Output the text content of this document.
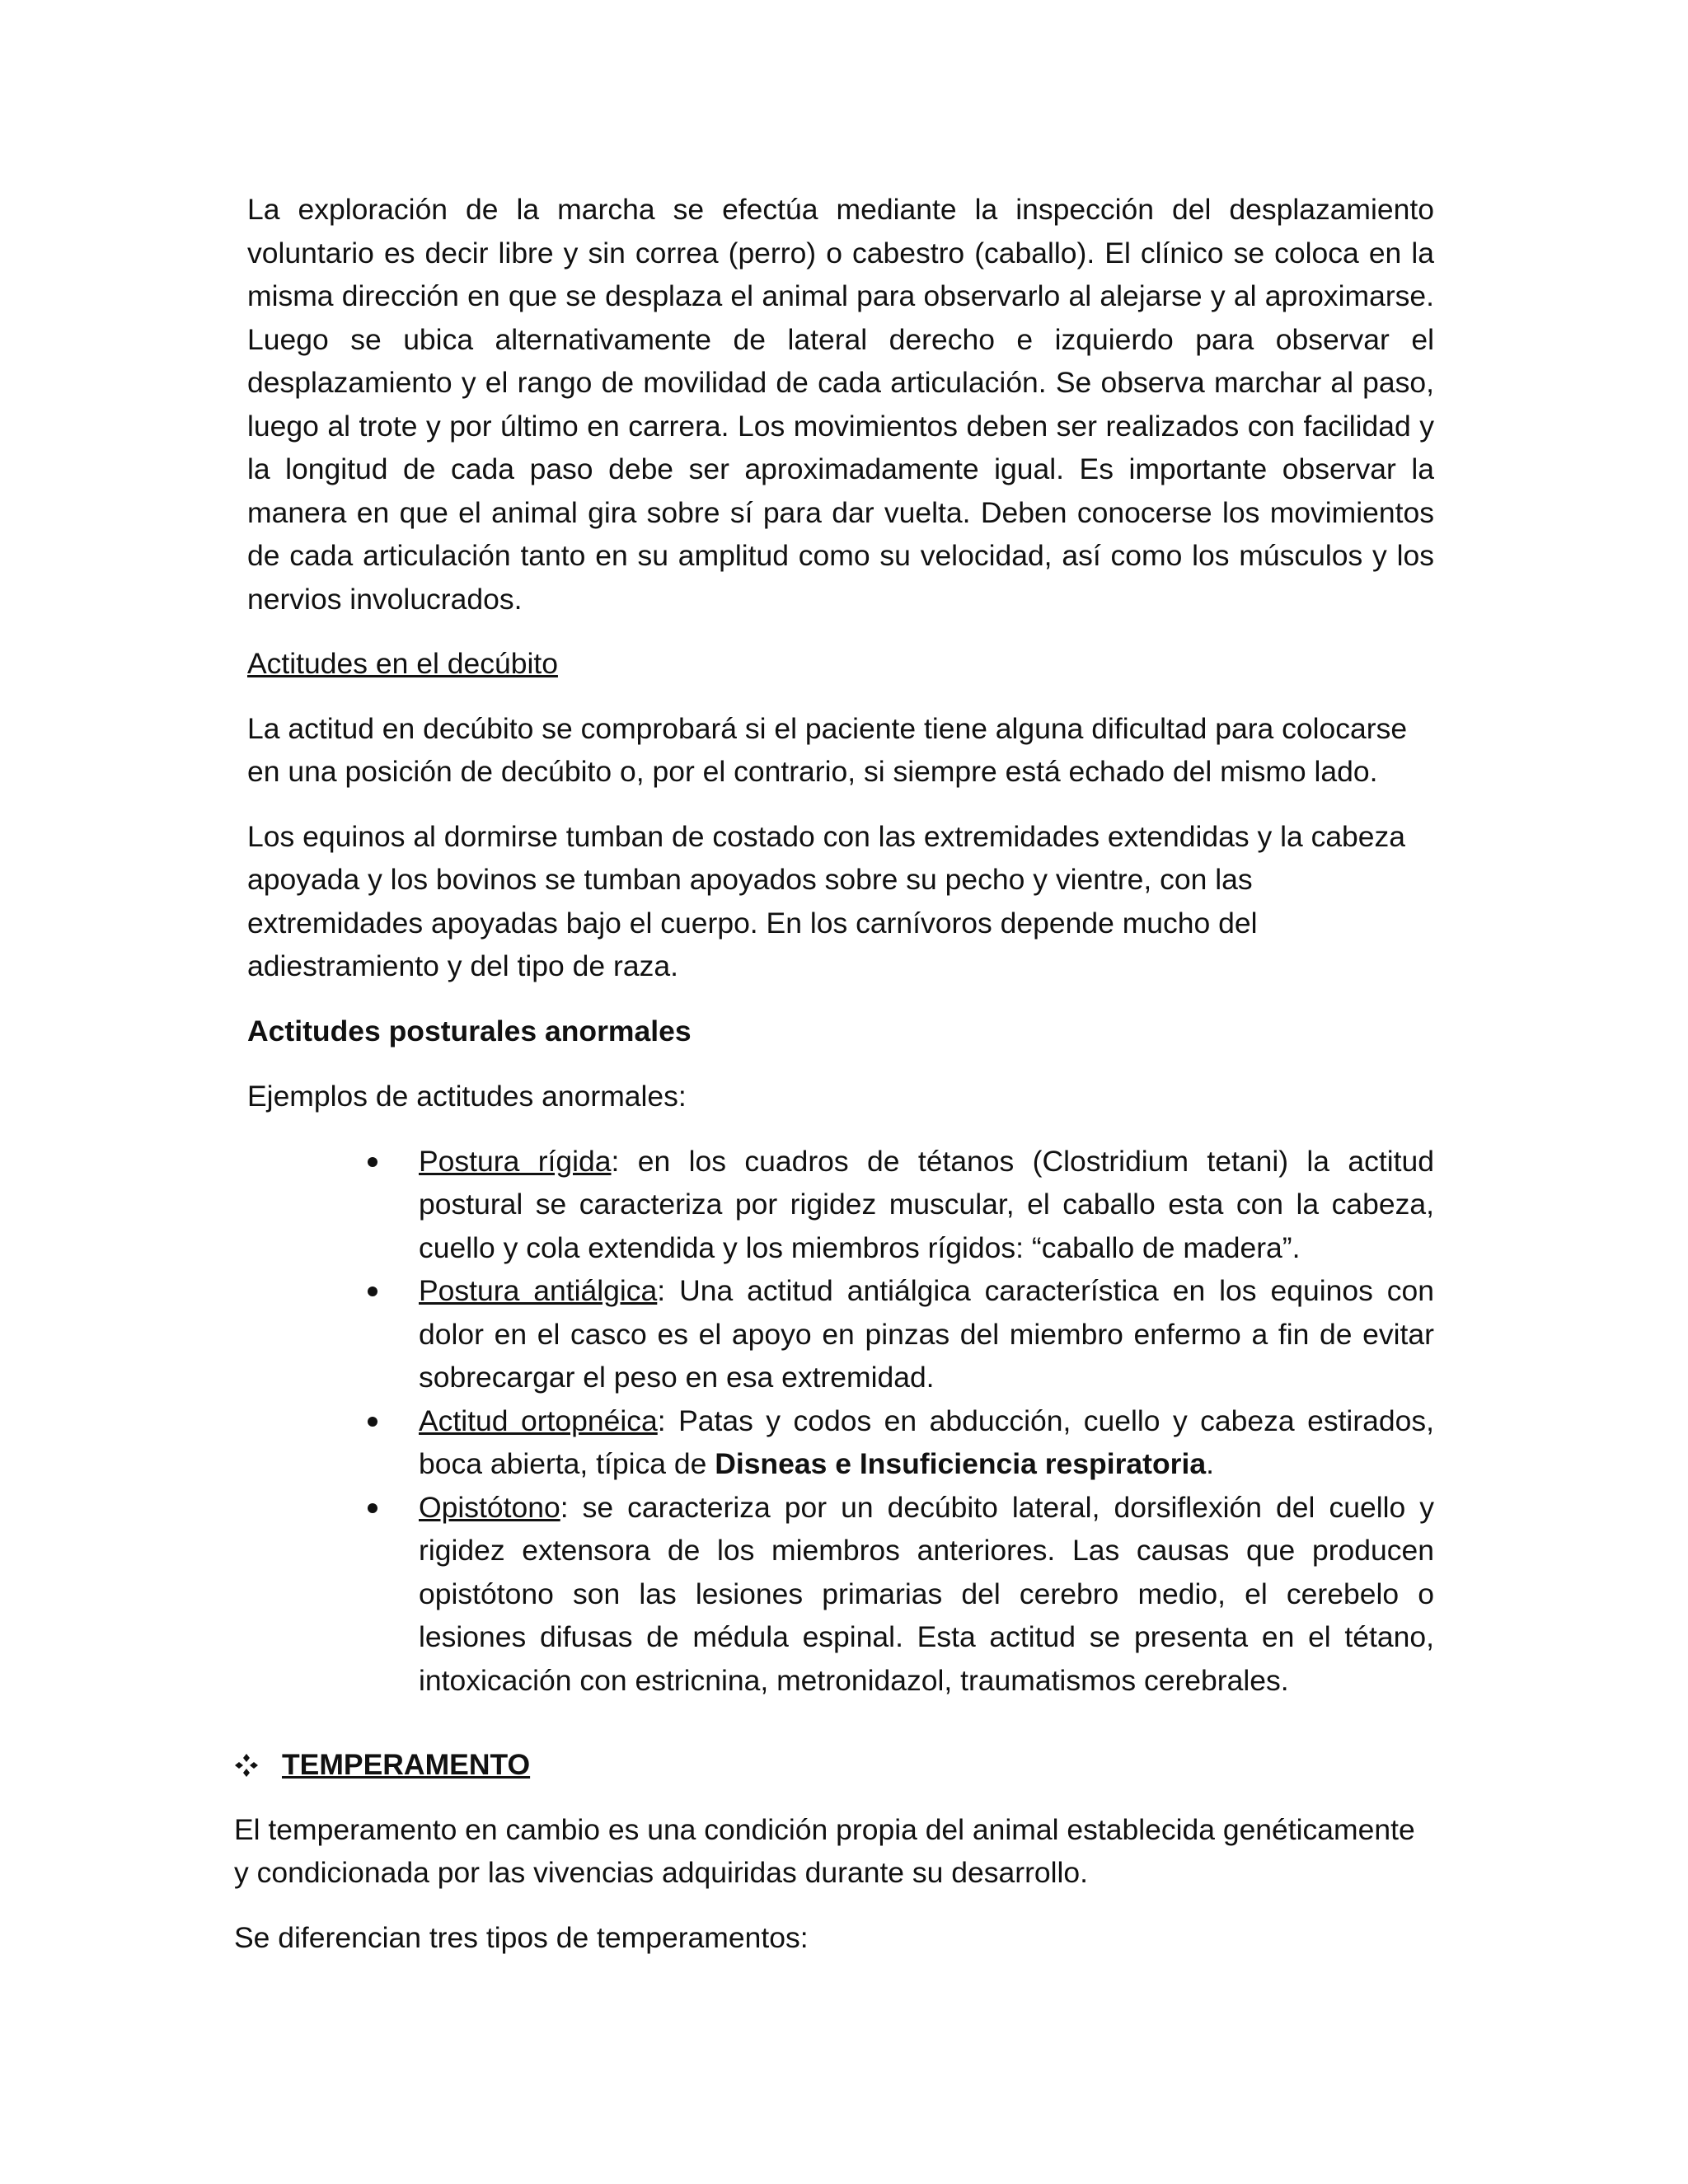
La exploración de la marcha se efectúa mediante la inspección del desplazamiento voluntario es decir libre y sin correa (perro) o cabestro (caballo). El clínico se coloca en la misma dirección en que se desplaza el animal para observarlo al alejarse y al aproximarse. Luego se ubica alternativamente de lateral derecho e izquierdo para observar el desplazamiento y el rango de movilidad de cada articulación. Se observa marchar al paso, luego al trote y por último en carrera. Los movimientos deben ser realizados con facilidad y la longitud de cada paso debe ser aproximadamente igual. Es importante observar la manera en que el animal gira sobre sí para dar vuelta. Deben conocerse los movimientos de cada articulación tanto en su amplitud como su velocidad, así como los músculos y los nervios involucrados.

Actitudes en el decúbito

La actitud en decúbito se comprobará si el paciente tiene alguna dificultad para colocarse en una posición de decúbito o, por el contrario, si siempre está echado del mismo lado.

Los equinos al dormirse tumban de costado con las extremidades extendidas y la cabeza apoyada y los bovinos se tumban apoyados sobre su pecho y vientre, con las extremidades apoyadas bajo el cuerpo. En los carnívoros depende mucho del adiestramiento y del tipo de raza.

Actitudes posturales anormales

Ejemplos de actitudes anormales:

Postura rígida: en los cuadros de tétanos (Clostridium tetani) la actitud postural se caracteriza por rigidez muscular, el caballo esta con la cabeza, cuello y cola extendida y los miembros rígidos: “caballo de madera”.
Postura antiálgica: Una actitud antiálgica característica en los equinos con dolor en el casco es el apoyo en pinzas del miembro enfermo a fin de evitar sobrecargar el peso en esa extremidad.
Actitud ortopnéica: Patas y codos en abducción, cuello y cabeza estirados, boca abierta, típica de Disneas e Insuficiencia respiratoria.
Opistótono: se caracteriza por un decúbito lateral, dorsiflexión del cuello y rigidez extensora de los miembros anteriores. Las causas que producen opistótono son las lesiones primarias del cerebro medio, el cerebelo o lesiones difusas de médula espinal. Esta actitud se presenta en el tétano, intoxicación con estricnina, metronidazol, traumatismos cerebrales.
TEMPERAMENTO

El temperamento en cambio es una condición propia del animal establecida genéticamente y condicionada por las vivencias adquiridas durante su desarrollo.

Se diferencian tres tipos de temperamentos:
